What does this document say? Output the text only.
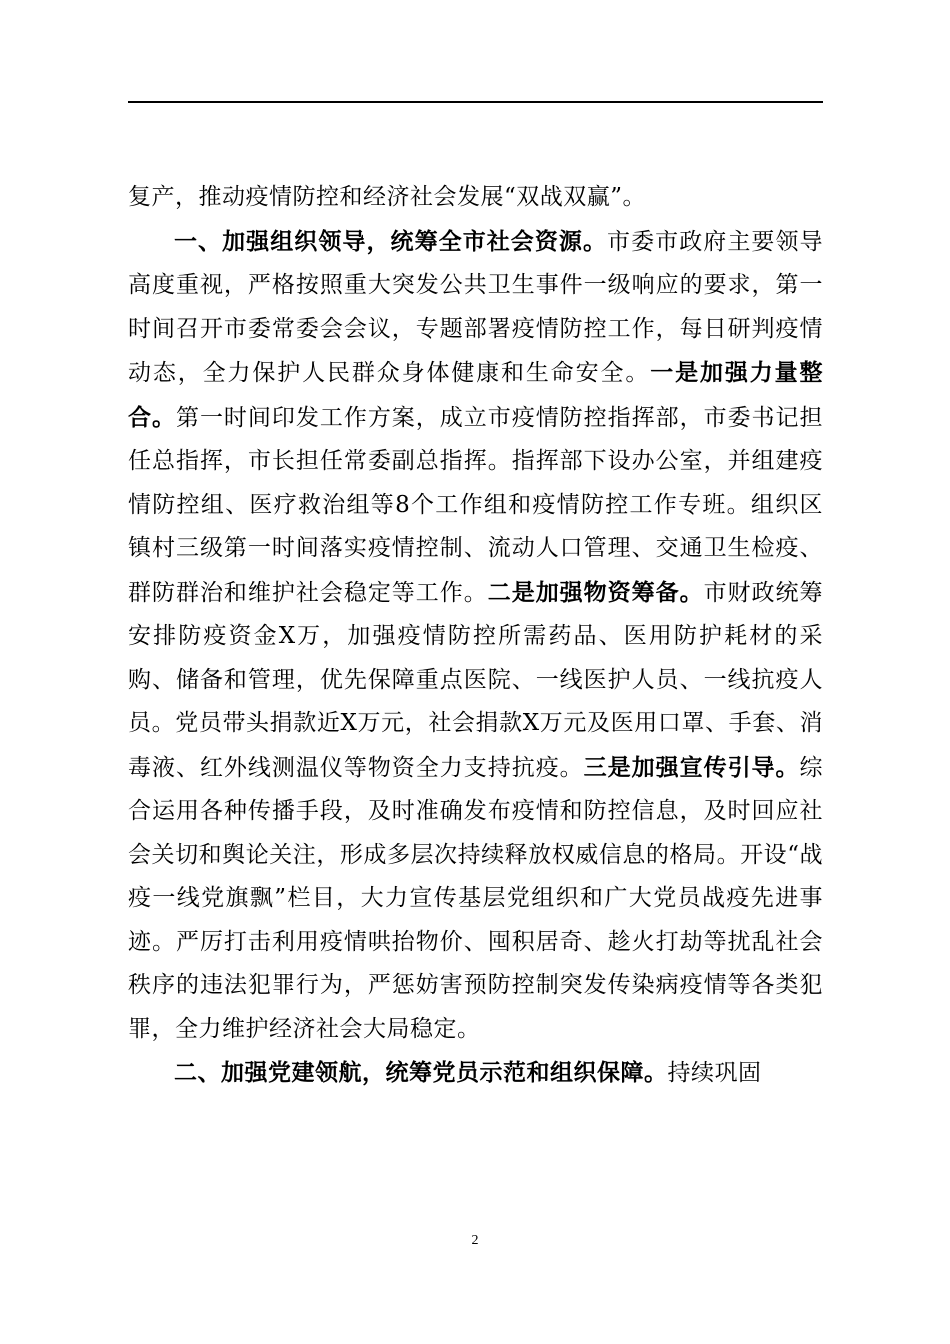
复产，推动疫情防控和经济社会发展“双战双赢”。

一、加强组织领导，统筹全市社会资源。市委市政府主要领导高度重视，严格按照重大突发公共卫生事件一级响应的要求，第一时间召开市委常委会会议，专题部署疫情防控工作，每日研判疫情动态，全力保护人民群众身体健康和生命安全。一是加强力量整合。第一时间印发工作方案，成立市疫情防控指挥部，市委书记担任总指挥，市长担任常委副总指挥。指挥部下设办公室，并组建疫情防控组、医疗救治组等8个工作组和疫情防控工作专班。组织区镇村三级第一时间落实疫情控制、流动人口管理、交通卫生检疫、群防群治和维护社会稳定等工作。二是加强物资筹备。市财政统筹安排防疫资金X万，加强疫情防控所需药品、医用防护耗材的采购、储备和管理，优先保障重点医院、一线医护人员、一线抗疫人员。党员带头捐款近X万元，社会捐款X万元及医用口罩、手套、消毒液、红外线测温仪等物资全力支持抗疫。三是加强宣传引导。综合运用各种传播手段，及时准确发布疫情和防控信息，及时回应社会关切和舆论关注，形成多层次持续释放权威信息的格局。开设“战疫一线党旗飘”栏目，大力宣传基层党组织和广大党员战疫先进事迹。严厉打击利用疫情哄抬物价、囤积居奇、趁火打劫等扰乱社会秩序的违法犯罪行为，严惩妨害预防控制突发传染病疫情等各类犯罪，全力维护经济社会大局稳定。

二、加强党建领航，统筹党员示范和组织保障。持续巩固

2
